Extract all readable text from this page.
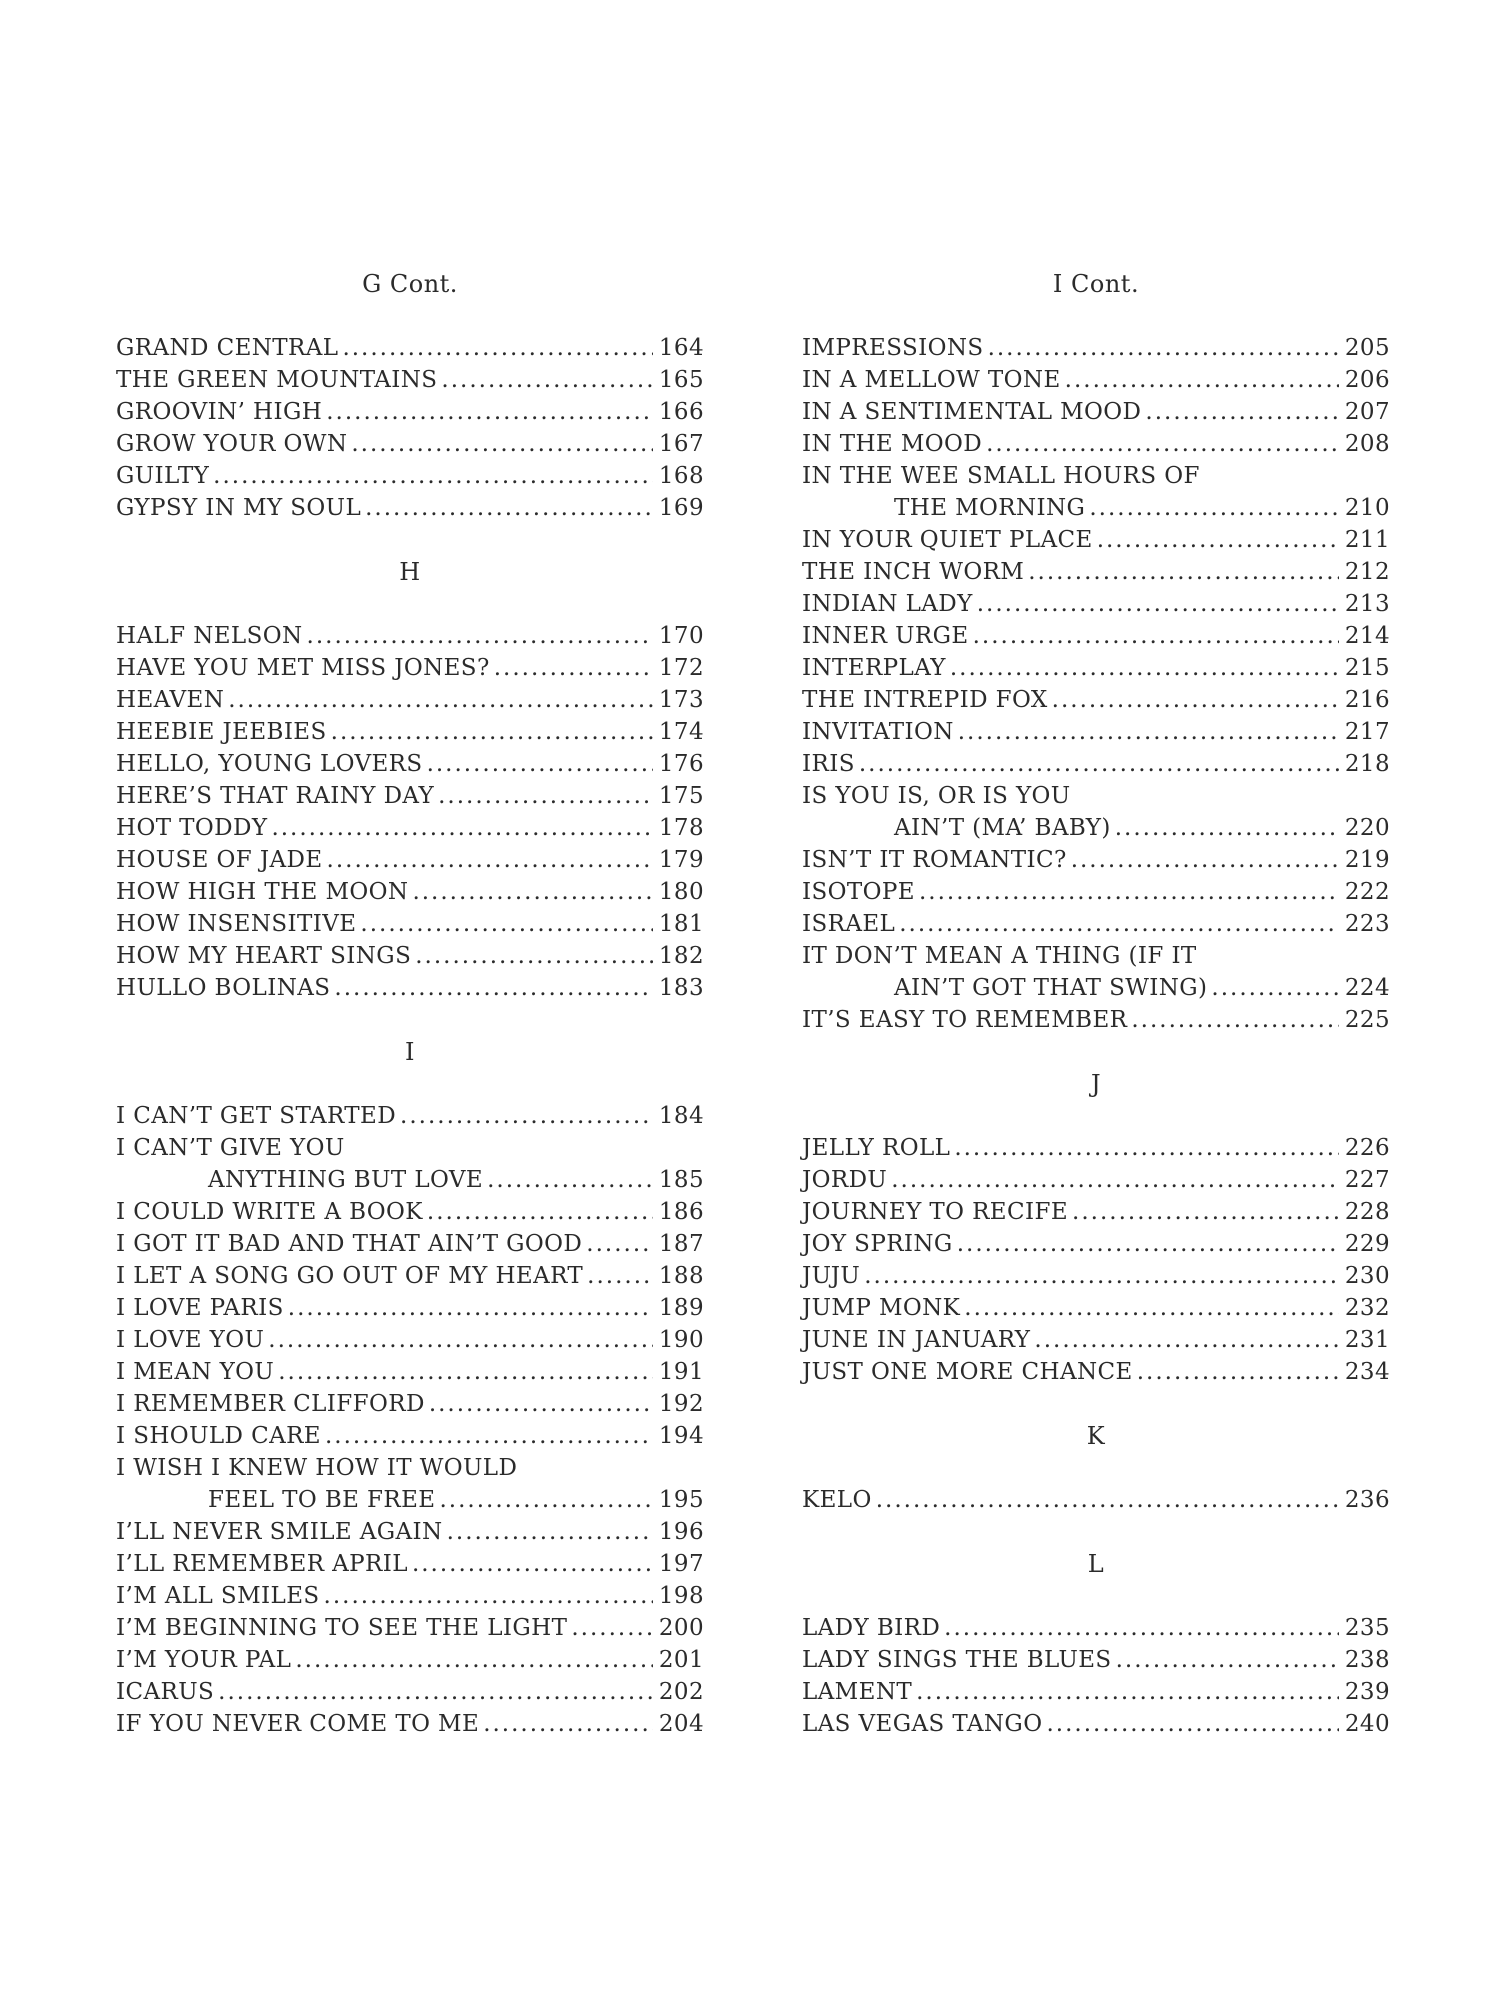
G Cont.
GRAND CENTRAL .....	164
THE GREEN MOUNTAINS .....	165
GROOVIN’ HIGH .....	166
GROW YOUR OWN .....	167
GUILTY .....	168
GYPSY IN MY SOUL .....	169
H
HALF NELSON .....	170
HAVE YOU MET MISS JONES? .....	172
HEAVEN .....	173
HEEBIE JEEBIES .....	174
HELLO, YOUNG LOVERS .....	176
HERE’S THAT RAINY DAY .....	175
HOT TODDY .....	178
HOUSE OF JADE .....	179
HOW HIGH THE MOON .....	180
HOW INSENSITIVE .....	181
HOW MY HEART SINGS .....	182
HULLO BOLINAS .....	183
I
I CAN’T GET STARTED .....	184
I CAN’T GIVE YOU
ANYTHING BUT LOVE .....	185
I COULD WRITE A BOOK .....	186
I GOT IT BAD AND THAT AIN’T GOOD .....	187
I LET A SONG GO OUT OF MY HEART .....	188
I LOVE PARIS .....	189
I LOVE YOU .....	190
I MEAN YOU .....	191
I REMEMBER CLIFFORD .....	192
I SHOULD CARE .....	194
I WISH I KNEW HOW IT WOULD
FEEL TO BE FREE .....	195
I’LL NEVER SMILE AGAIN .....	196
I’LL REMEMBER APRIL .....	197
I’M ALL SMILES .....	198
I’M BEGINNING TO SEE THE LIGHT .....	200
I’M YOUR PAL .....	201
ICARUS .....	202
IF YOU NEVER COME TO ME .....	204
I Cont.
IMPRESSIONS .....	205
IN A MELLOW TONE .....	206
IN A SENTIMENTAL MOOD .....	207
IN THE MOOD .....	208
IN THE WEE SMALL HOURS OF
THE MORNING .....	210
IN YOUR QUIET PLACE .....	211
THE INCH WORM .....	212
INDIAN LADY .....	213
INNER URGE .....	214
INTERPLAY .....	215
THE INTREPID FOX .....	216
INVITATION .....	217
IRIS .....	218
IS YOU IS, OR IS YOU
AIN’T (MA’ BABY) .....	220
ISN’T IT ROMANTIC? .....	219
ISOTOPE .....	222
ISRAEL .....	223
IT DON’T MEAN A THING (IF IT
AIN’T GOT THAT SWING) .....	224
IT’S EASY TO REMEMBER .....	225
J
JELLY ROLL .....	226
JORDU .....	227
JOURNEY TO RECIFE .....	228
JOY SPRING .....	229
JUJU .....	230
JUMP MONK .....	232
JUNE IN JANUARY .....	231
JUST ONE MORE CHANCE .....	234
K
KELO .....	236
L
LADY BIRD .....	235
LADY SINGS THE BLUES .....	238
LAMENT .....	239
LAS VEGAS TANGO .....	240
